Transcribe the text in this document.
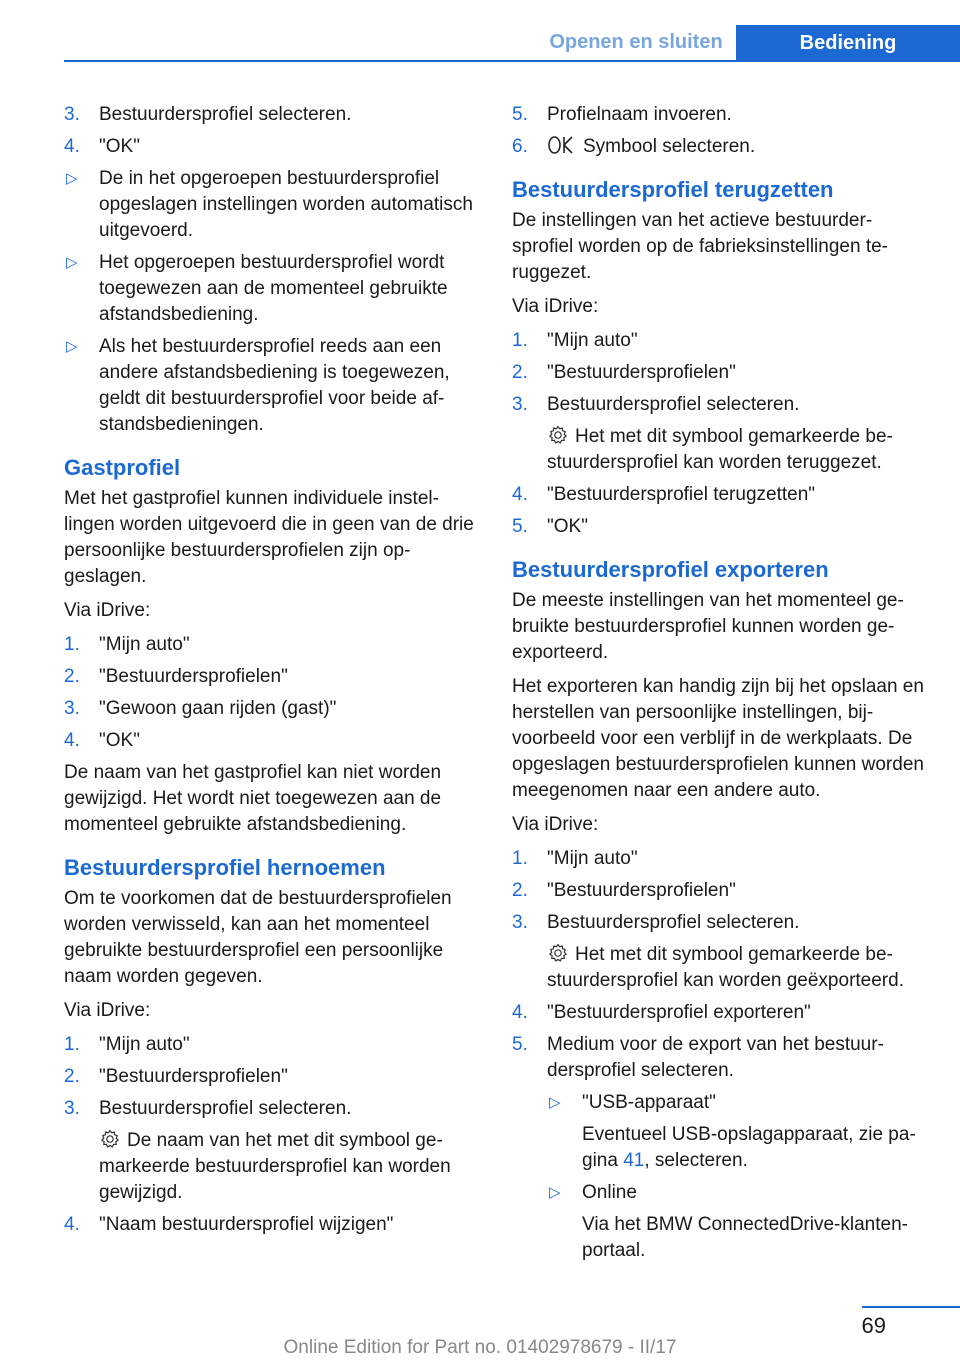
Openen en sluiten	Bediening
3. Bestuurdersprofiel selecteren.
4. "OK"
▷ De in het opgeroepen bestuurdersprofiel opgeslagen instellingen worden automatisch uitgevoerd.
▷ Het opgeroepen bestuurdersprofiel wordt toegewezen aan de momenteel gebruikte afstandsbediening.
▷ Als het bestuurdersprofiel reeds aan een andere afstandsbediening is toegewezen, geldt dit bestuurdersprofiel voor beide afstandsbedieningen.
Gastprofiel
Met het gastprofiel kunnen individuele instellingen worden uitgevoerd die in geen van de drie persoonlijke bestuurdersprofielen zijn opgeslagen.
Via iDrive:
1. "Mijn auto"
2. "Bestuurdersprofielen"
3. "Gewoon gaan rijden (gast)"
4. "OK"
De naam van het gastprofiel kan niet worden gewijzigd. Het wordt niet toegewezen aan de momenteel gebruikte afstandsbediening.
Bestuurdersprofiel hernoemen
Om te voorkomen dat de bestuurdersprofielen worden verwisseld, kan aan het momenteel gebruikte bestuurdersprofiel een persoonlijke naam worden gegeven.
Via iDrive:
1. "Mijn auto"
2. "Bestuurdersprofielen"
3. Bestuurdersprofiel selecteren.
De naam van het met dit symbool gemarkeerde bestuurdersprofiel kan worden gewijzigd.
4. "Naam bestuurdersprofiel wijzigen"
5. Profielnaam invoeren.
6.	Symbool selecteren.
Bestuurdersprofiel terugzetten
De instellingen van het actieve bestuurdersprofiel worden op de fabrieksinstellingen teruggezet.
Via iDrive:
1. "Mijn auto"
2. "Bestuurdersprofielen"
3. Bestuurdersprofiel selecteren.
Het met dit symbool gemarkeerde bestuurdersprofiel kan worden teruggezet.
4. "Bestuurdersprofiel terugzetten"
5. "OK"
Bestuurdersprofiel exporteren
De meeste instellingen van het momenteel gebruikte bestuurdersprofiel kunnen worden geexporteerd.
Het exporteren kan handig zijn bij het opslaan en herstellen van persoonlijke instellingen, bijvoorbeeld voor een verblijf in de werkplaats. De opgeslagen bestuurdersprofielen kunnen worden meegenomen naar een andere auto.
Via iDrive:
1. "Mijn auto"
2. "Bestuurdersprofielen"
3. Bestuurdersprofiel selecteren.
Het met dit symbool gemarkeerde bestuurdersprofiel kan worden geëxporteerd.
4. "Bestuurdersprofiel exporteren"
5. Medium voor de export van het bestuurdersprofiel selecteren.
▷ "USB-apparaat"
Eventueel USB-opslagapparaat, zie pagina 41, selecteren.
▷ Online
Via het BMW ConnectedDrive-klantenportaal.
69
Online Edition for Part no. 01402978679 - II/17
